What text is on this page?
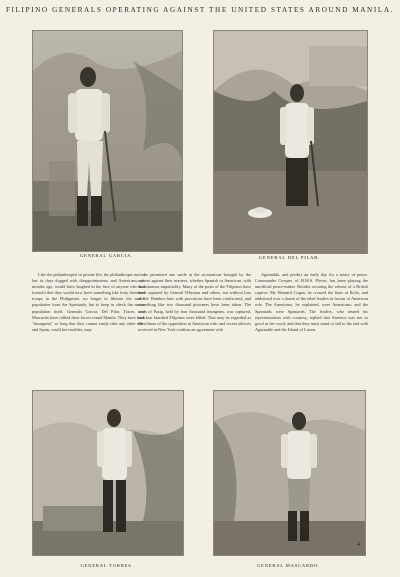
FILIPINO GENERALS OPERATING AGAINST THE UNITED STATES AROUND MANILA.
GENERAL GARCIA.	GENERAL DEL PILAR.

Like the philanthropist in private life, the philanthropic nation has its days dogged with disappointments; and Americans, six months ago, would have laughed in the face of anyone who had foretold that they would now have something like forty thousand troops in the Philippines, no longer to liberate the native population from the Spaniards, but to keep in check the native population itself. Generals Garcia, Del Pilar, Torres, and Mascardo have rallied their forces round Manila. They have been "insurgents" so long that they cannot easily take any other rôle; and Spain, could her troubles, may

be permitted one smile at the accusations brought by the natives against their masters, whether Spanish or American, with monotonous impartiality. Many of the posts of the Filipinos have been captured by General Wheaton and others, not without loss of life. Bamboo huts with provisions have been confiscated, and something like two thousand prisoners have been taken. The town of Pasig, held by four thousand insurgents, was captured, and four hundred Filipinos were killed. That may be regarded as the climax of the opposition to American rule; and recent advices received in New York confirm an agreement with

Aguinaldo, and predict an early day for a treaty of peace. Commander Cowper, of H.M.S. Plover, has been playing the unofficial peace-maker. Besides securing the release of a British captive, Mr. Bernard Cogan, he crossed the lines at Iloilo, and addressed over a dozen of the rebel leaders in favour of American rule. The Americans, he explained, were Americans; and the Spaniards were Spaniards. The leaders, who treated his representations with courtesy, replied that America was not so good as her word, and that they must stand or fall to the end with Aguinaldo and the Island of Luzon.

GENERAL TORRES.	GENERAL MASCARDO.
4
